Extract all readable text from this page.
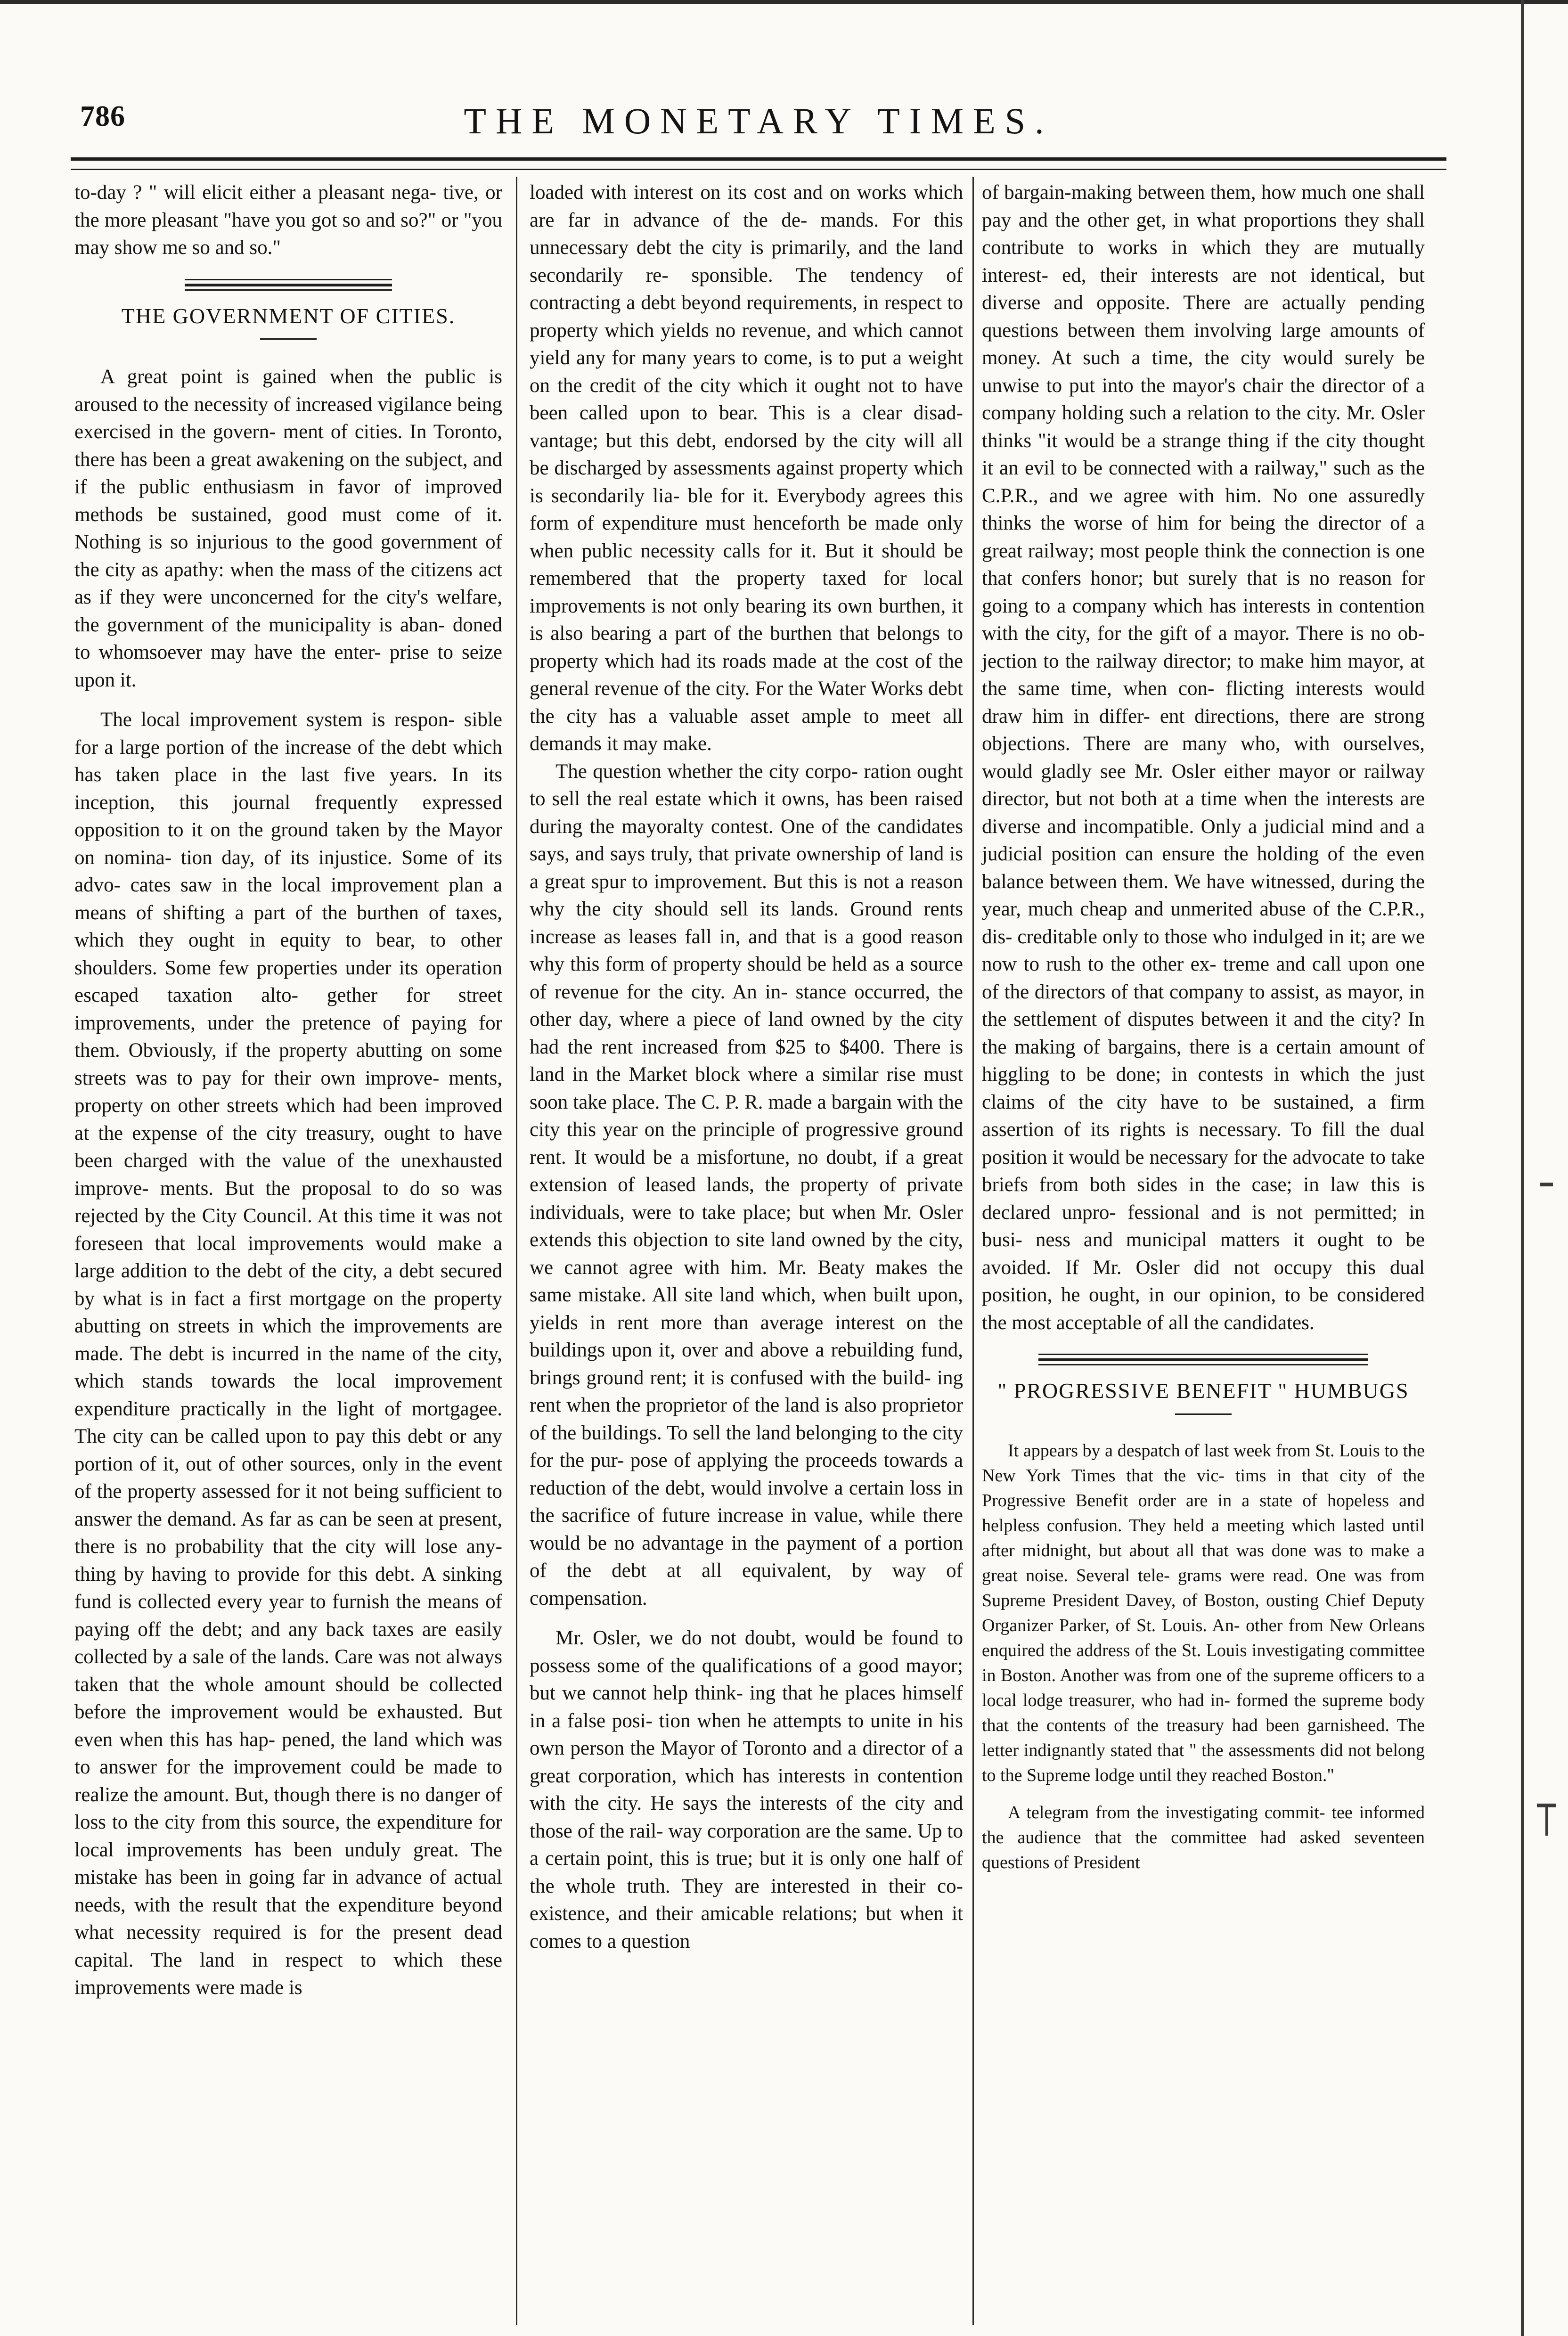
786	THE MONETARY TIMES.

to-day ? " will elicit either a pleasant nega- tive, or the more pleasant "have you got so and so?" or "you may show me so and so."

THE GOVERNMENT OF CITIES.

A great point is gained when the public is aroused to the necessity of increased vigilance being exercised in the govern- ment of cities. In Toronto, there has been a great awakening on the subject, and if the public enthusiasm in favor of improved methods be sustained, good must come of it. Nothing is so injurious to the good government of the city as apathy: when the mass of the citizens act as if they were unconcerned for the city's welfare, the government of the municipality is aban- doned to whomsoever may have the enter- prise to seize upon it.

The local improvement system is respon- sible for a large portion of the increase of the debt which has taken place in the last five years. In its inception, this journal frequently expressed opposition to it on the ground taken by the Mayor on nomina- tion day, of its injustice. Some of its advo- cates saw in the local improvement plan a means of shifting a part of the burthen of taxes, which they ought in equity to bear, to other shoulders. Some few properties under its operation escaped taxation alto- gether for street improvements, under the pretence of paying for them. Obviously, if the property abutting on some streets was to pay for their own improve- ments, property on other streets which had been improved at the expense of the city treasury, ought to have been charged with the value of the unexhausted improve- ments. But the proposal to do so was rejected by the City Council. At this time it was not foreseen that local improvements would make a large addition to the debt of the city, a debt secured by what is in fact a first mortgage on the property abutting on streets in which the improvements are made. The debt is incurred in the name of the city, which stands towards the local improvement expenditure practically in the light of mortgagee. The city can be called upon to pay this debt or any portion of it, out of other sources, only in the event of the property assessed for it not being sufficient to answer the demand. As far as can be seen at present, there is no probability that the city will lose any- thing by having to provide for this debt. A sinking fund is collected every year to furnish the means of paying off the debt; and any back taxes are easily collected by a sale of the lands. Care was not always taken that the whole amount should be collected before the improvement would be exhausted. But even when this has hap- pened, the land which was to answer for the improvement could be made to realize the amount. But, though there is no danger of loss to the city from this source, the expenditure for local improvements has been unduly great. The mistake has been in going far in advance of actual needs, with the result that the expenditure beyond what necessity required is for the present dead capital. The land in respect to which these improvements were made is

loaded with interest on its cost and on works which are far in advance of the de- mands. For this unnecessary debt the city is primarily, and the land secondarily re- sponsible. The tendency of contracting a debt beyond requirements, in respect to property which yields no revenue, and which cannot yield any for many years to come, is to put a weight on the credit of the city which it ought not to have been called upon to bear. This is a clear disad- vantage; but this debt, endorsed by the city will all be discharged by assessments against property which is secondarily lia- ble for it. Everybody agrees this form of expenditure must henceforth be made only when public necessity calls for it. But it should be remembered that the property taxed for local improvements is not only bearing its own burthen, it is also bearing a part of the burthen that belongs to property which had its roads made at the cost of the general revenue of the city. For the Water Works debt the city has a valuable asset ample to meet all demands it may make.

The question whether the city corpo- ration ought to sell the real estate which it owns, has been raised during the mayoralty contest. One of the candidates says, and says truly, that private ownership of land is a great spur to improvement. But this is not a reason why the city should sell its lands. Ground rents increase as leases fall in, and that is a good reason why this form of property should be held as a source of revenue for the city. An in- stance occurred, the other day, where a piece of land owned by the city had the rent increased from $25 to $400. There is land in the Market block where a similar rise must soon take place. The C. P. R. made a bargain with the city this year on the principle of progressive ground rent. It would be a misfortune, no doubt, if a great extension of leased lands, the property of private individuals, were to take place; but when Mr. Osler extends this objection to site land owned by the city, we cannot agree with him. Mr. Beaty makes the same mistake. All site land which, when built upon, yields in rent more than average interest on the buildings upon it, over and above a rebuilding fund, brings ground rent; it is confused with the build- ing rent when the proprietor of the land is also proprietor of the buildings. To sell the land belonging to the city for the pur- pose of applying the proceeds towards a reduction of the debt, would involve a certain loss in the sacrifice of future increase in value, while there would be no advantage in the payment of a portion of the debt at all equivalent, by way of compensation.

Mr. Osler, we do not doubt, would be found to possess some of the qualifications of a good mayor; but we cannot help think- ing that he places himself in a false posi- tion when he attempts to unite in his own person the Mayor of Toronto and a director of a great corporation, which has interests in contention with the city. He says the interests of the city and those of the rail- way corporation are the same. Up to a certain point, this is true; but it is only one half of the whole truth. They are interested in their co-existence, and their amicable relations; but when it comes to a question

of bargain-making between them, how much one shall pay and the other get, in what proportions they shall contribute to works in which they are mutually interest- ed, their interests are not identical, but diverse and opposite. There are actually pending questions between them involving large amounts of money. At such a time, the city would surely be unwise to put into the mayor's chair the director of a company holding such a relation to the city. Mr. Osler thinks "it would be a strange thing if the city thought it an evil to be connected with a railway," such as the C.P.R., and we agree with him. No one assuredly thinks the worse of him for being the director of a great railway; most people think the connection is one that confers honor; but surely that is no reason for going to a company which has interests in contention with the city, for the gift of a mayor. There is no ob- jection to the railway director; to make him mayor, at the same time, when con- flicting interests would draw him in differ- ent directions, there are strong objections. There are many who, with ourselves, would gladly see Mr. Osler either mayor or railway director, but not both at a time when the interests are diverse and incompatible. Only a judicial mind and a judicial position can ensure the holding of the even balance between them. We have witnessed, during the year, much cheap and unmerited abuse of the C.P.R., dis- creditable only to those who indulged in it; are we now to rush to the other ex- treme and call upon one of the directors of that company to assist, as mayor, in the settlement of disputes between it and the city? In the making of bargains, there is a certain amount of higgling to be done; in contests in which the just claims of the city have to be sustained, a firm assertion of its rights is necessary. To fill the dual position it would be necessary for the advocate to take briefs from both sides in the case; in law this is declared unpro- fessional and is not permitted; in busi- ness and municipal matters it ought to be avoided. If Mr. Osler did not occupy this dual position, he ought, in our opinion, to be considered the most acceptable of all the candidates.

" PROGRESSIVE BENEFIT " HUMBUGS

It appears by a despatch of last week from St. Louis to the New York Times that the vic- tims in that city of the Progressive Benefit order are in a state of hopeless and helpless confusion. They held a meeting which lasted until after midnight, but about all that was done was to make a great noise. Several tele- grams were read. One was from Supreme President Davey, of Boston, ousting Chief Deputy Organizer Parker, of St. Louis. An- other from New Orleans enquired the address of the St. Louis investigating committee in Boston. Another was from one of the supreme officers to a local lodge treasurer, who had in- formed the supreme body that the contents of the treasury had been garnisheed. The letter indignantly stated that " the assessments did not belong to the Supreme lodge until they reached Boston."

A telegram from the investigating commit- tee informed the audience that the committee had asked seventeen questions of President
